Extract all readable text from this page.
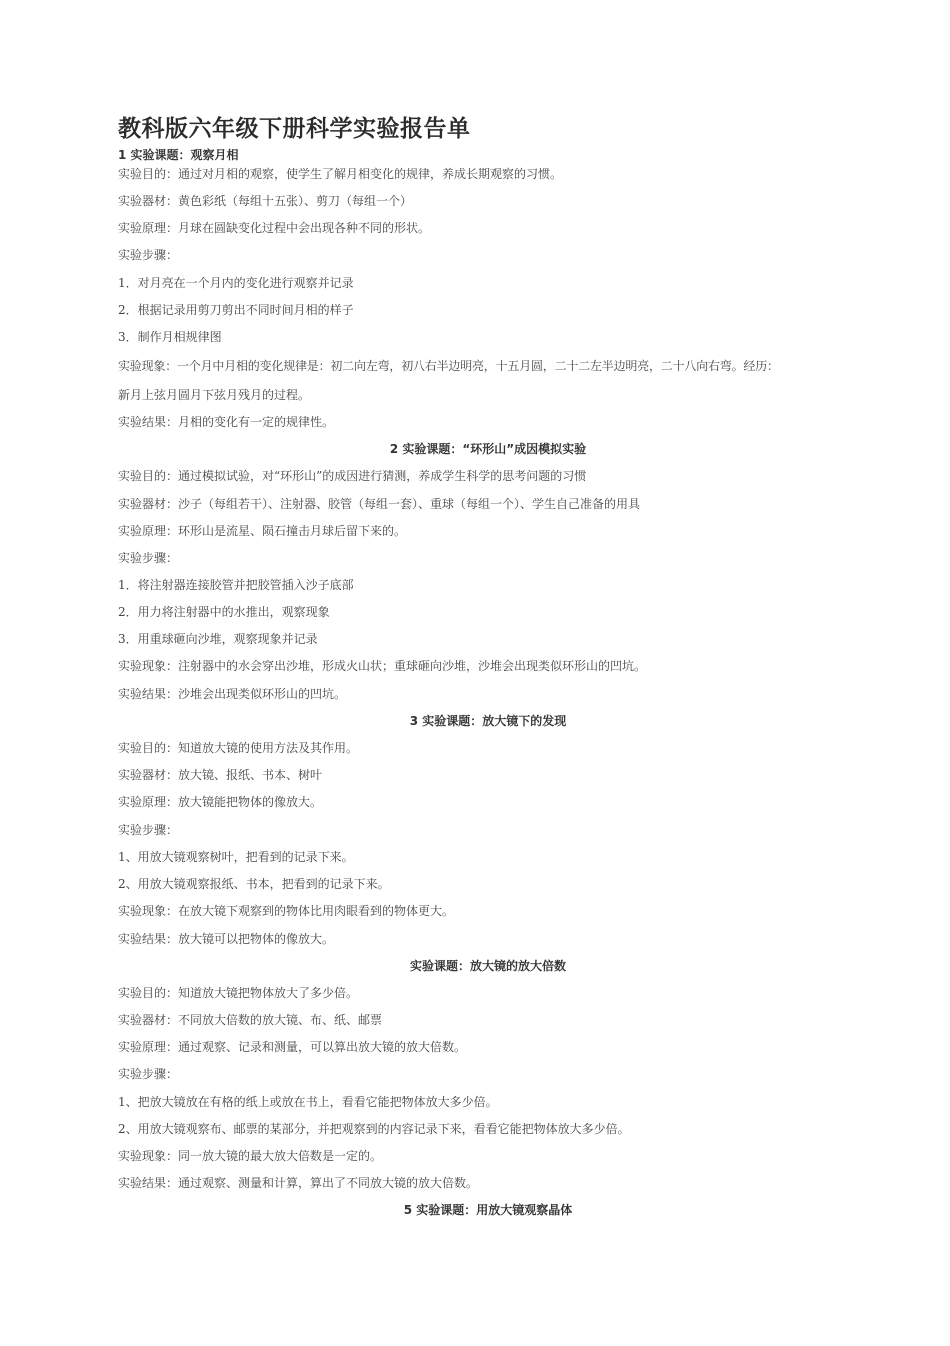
教科版六年级下册科学实验报告单
1 实验课题：观察月相
实验目的：通过对月相的观察，使学生了解月相变化的规律，养成长期观察的习惯。
实验器材：黄色彩纸（每组十五张）、剪刀（每组一个）
实验原理：月球在圆缺变化过程中会出现各种不同的形状。
实验步骤：
1．对月亮在一个月内的变化进行观察并记录
2．根据记录用剪刀剪出不同时间月相的样子
3．制作月相规律图
实验现象：一个月中月相的变化规律是：初二向左弯，初八右半边明亮，十五月圆，二十二左半边明亮，二十八向右弯。经历：
新月上弦月圆月下弦月残月的过程。
实验结果：月相的变化有一定的规律性。
2 实验课题：“环形山”成因模拟实验
实验目的：通过模拟试验，对“环形山”的成因进行猜测，养成学生科学的思考问题的习惯
实验器材：沙子（每组若干）、注射器、胶管（每组一套）、重球（每组一个）、学生自己准备的用具
实验原理：环形山是流星、陨石撞击月球后留下来的。
实验步骤：
1．将注射器连接胶管并把胶管插入沙子底部
2．用力将注射器中的水推出，观察现象
3．用重球砸向沙堆，观察现象并记录
实验现象：注射器中的水会穿出沙堆，形成火山状；重球砸向沙堆，沙堆会出现类似环形山的凹坑。
实验结果：沙堆会出现类似环形山的凹坑。
3 实验课题：放大镜下的发现
实验目的：知道放大镜的使用方法及其作用。
实验器材：放大镜、报纸、书本、树叶
实验原理：放大镜能把物体的像放大。
实验步骤：
1、用放大镜观察树叶，把看到的记录下来。
2、用放大镜观察报纸、书本，把看到的记录下来。
实验现象：在放大镜下观察到的物体比用肉眼看到的物体更大。
实验结果：放大镜可以把物体的像放大。
实验课题：放大镜的放大倍数
实验目的：知道放大镜把物体放大了多少倍。
实验器材：不同放大倍数的放大镜、布、纸、邮票
实验原理：通过观察、记录和测量，可以算出放大镜的放大倍数。
实验步骤：
1、把放大镜放在有格的纸上或放在书上，看看它能把物体放大多少倍。
2、用放大镜观察布、邮票的某部分，并把观察到的内容记录下来，看看它能把物体放大多少倍。
实验现象：同一放大镜的最大放大倍数是一定的。
实验结果：通过观察、测量和计算，算出了不同放大镜的放大倍数。
5 实验课题：用放大镜观察晶体
